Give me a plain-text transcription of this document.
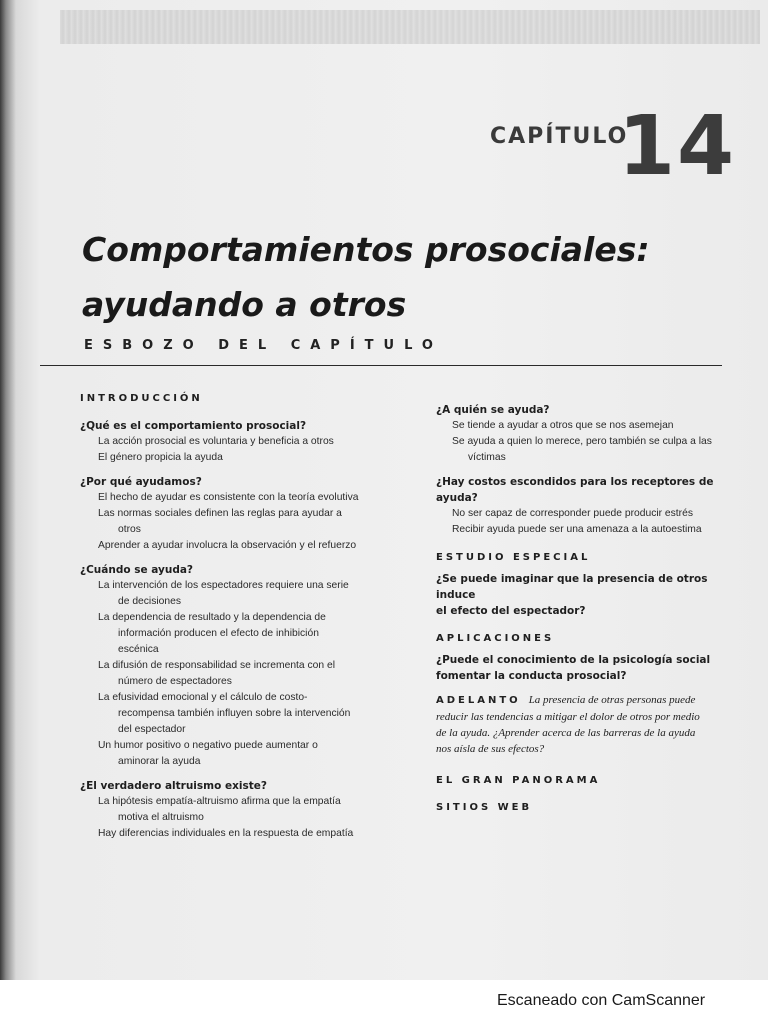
CAPÍTULO
14
Comportamientos prosociales:
ayudando a otros
ESBOZO DEL CAPÍTULO

INTRODUCCIÓN

¿Qué es el comportamiento prosocial?

La acción prosocial es voluntaria y beneficia a otros

El género propicia la ayuda

¿Por qué ayudamos?

El hecho de ayudar es consistente con la teoría evolutiva

Las normas sociales definen las reglas para ayudar a

otros

Aprender a ayudar involucra la observación y el refuerzo

¿Cuándo se ayuda?

La intervención de los espectadores requiere una serie

de decisiones

La dependencia de resultado y la dependencia de

información producen el efecto de inhibición

escénica

La difusión de responsabilidad se incrementa con el

número de espectadores

La efusividad emocional y el cálculo de costo-

recompensa también influyen sobre la intervención

del espectador

Un humor positivo o negativo puede aumentar o

aminorar la ayuda

¿El verdadero altruismo existe?

La hipótesis empatía-altruismo afirma que la empatía

motiva el altruismo

Hay diferencias individuales en la respuesta de empatía

¿A quién se ayuda?

Se tiende a ayudar a otros que se nos asemejan

Se ayuda a quien lo merece, pero también se culpa a las

víctimas

¿Hay costos escondidos para los receptores de

ayuda?

No ser capaz de corresponder puede producir estrés

Recibir ayuda puede ser una amenaza a la autoestima

ESTUDIO ESPECIAL

¿Se puede imaginar que la presencia de otros induce

el efecto del espectador?

APLICACIONES

¿Puede el conocimiento de la psicología social

fomentar la conducta prosocial?

ADELANTO La presencia de otras personas puede
reducir las tendencias a mitigar el dolor de otros por medio
de la ayuda. ¿Aprender acerca de las barreras de la ayuda
nos aísla de sus efectos?

EL GRAN PANORAMA

SITIOS WEB

Escaneado con CamScanner
